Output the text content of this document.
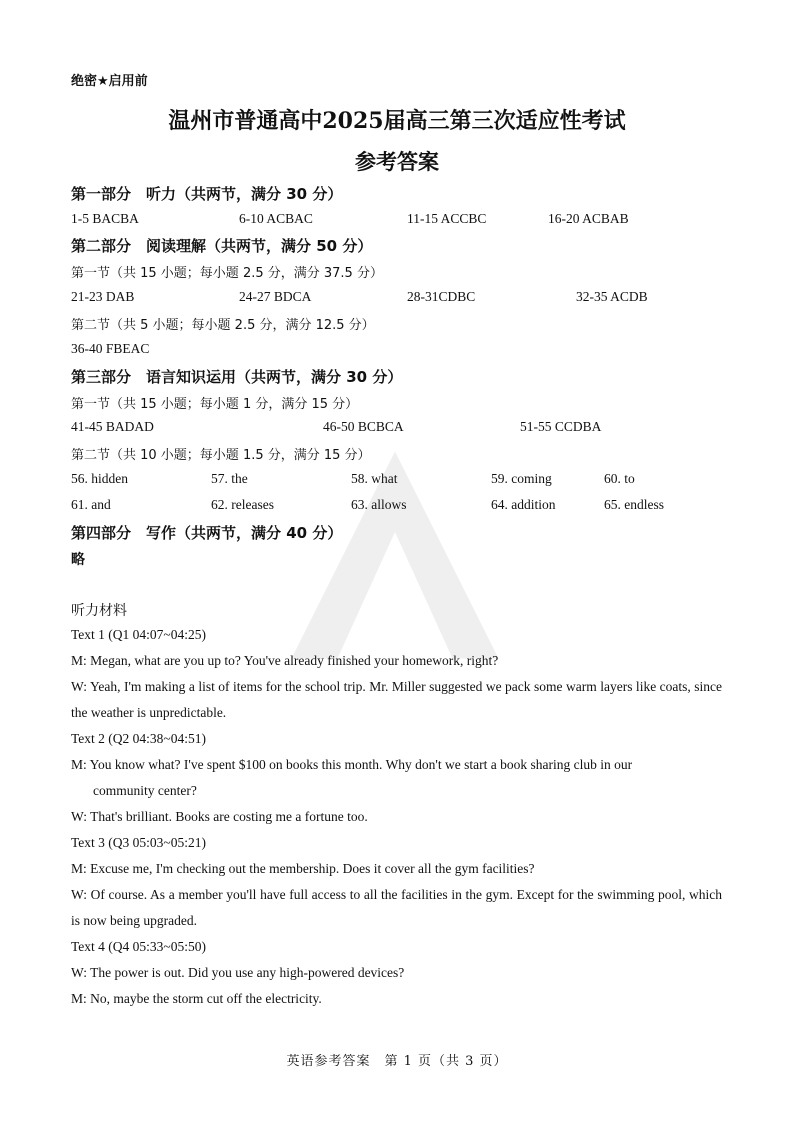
绝密★启用前
温州市普通高中2025届高三第三次适应性考试
参考答案
第一部分　听力（共两节，满分 30 分）
1-5 BACBA	6-10 ACBAC	11-15 ACCBC	16-20 ACBAB
第二部分　阅读理解（共两节，满分 50 分）
第一节（共 15 小题；每小题 2.5 分，满分 37.5 分）
21-23 DAB	24-27 BDCA	28-31CDBC	32-35 ACDB
第二节（共 5 小题；每小题 2.5 分，满分 12.5 分）
36-40 FBEAC
第三部分　语言知识运用（共两节，满分 30 分）
第一节（共 15 小题；每小题 1 分，满分 15 分）
41-45 BADAD	46-50 BCBCA	51-55 CCDBA
第二节（共 10 小题；每小题 1.5 分，满分 15 分）
56. hidden	57. the	58. what	59. coming	60. to
61. and	62. releases	63. allows	64. addition	65. endless
第四部分　写作（共两节，满分 40 分）
略
听力材料
Text 1 (Q1 04:07~04:25)
M: Megan, what are you up to? You've already finished your homework, right?
W: Yeah, I'm making a list of items for the school trip. Mr. Miller suggested we pack some warm layers like coats, since the weather is unpredictable.
Text 2 (Q2 04:38~04:51)
M: You know what? I've spent $100 on books this month. Why don't we start a book sharing club in our
community center?
W: That's brilliant. Books are costing me a fortune too.
Text 3 (Q3 05:03~05:21)
M: Excuse me, I'm checking out the membership. Does it cover all the gym facilities?
W: Of course. As a member you'll have full access to all the facilities in the gym. Except for the swimming pool, which is now being upgraded.
Text 4 (Q4 05:33~05:50)
W: The power is out. Did you use any high-powered devices?
M: No, maybe the storm cut off the electricity.
英语参考答案　第 1 页（共 3 页）
